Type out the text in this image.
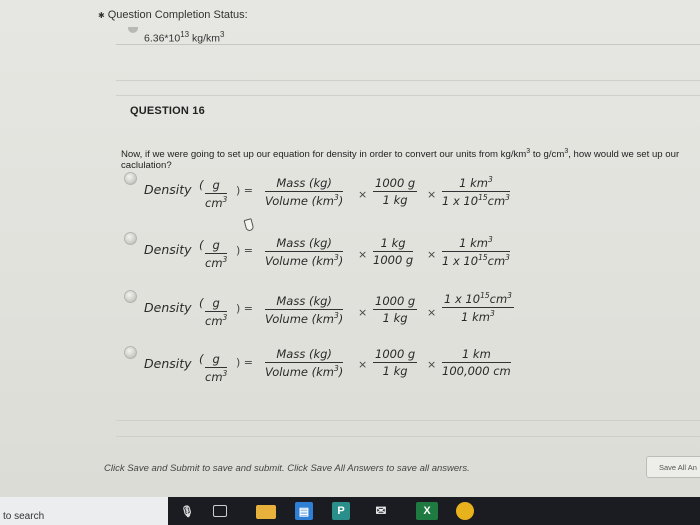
✱ Question Completion Status:
$6.36*10^{13}$ $kg/km^3$
QUESTION 16
Now, if we were going to set up our equation for density in order to convert our units from $kg/km^3$ to $g/cm^3$, how would we set up our caclulation?
Density	$\frac{( g}{cm^3}$ ) =
Mass (kg)
Volume $(km^3) \times \frac{1000 g}{1 kg} \times \frac{1 km^3}{1 x 10^{15}cm^3}$
Density	$\frac{( g}{cm^3}$ ) =
Mass (kg)
Volume $(km^3) \times \frac{1 kg}{1000 g} \times \frac{1 km^3}{1 x 10^{15}cm^3}$
Density	$\frac{( g}{cm^3}$ ) =
Mass (kg)
Volume $(km^3) \times \frac{1000 g}{1 kg} \times \frac{1 x 10^{15}cm^3}{1 km^3}$
Density	$\frac{( g}{cm^3}$ ) =
Mass (kg)
Volume $(km^3)$
× $\frac{1000 g}{1 kg} \times \frac{1 km}{100,000 cm}$
Click Save and Submit to save and submit. Click Save All Answers to save all answers.	Save All An
to search	🎙	▤	P	✉	X
